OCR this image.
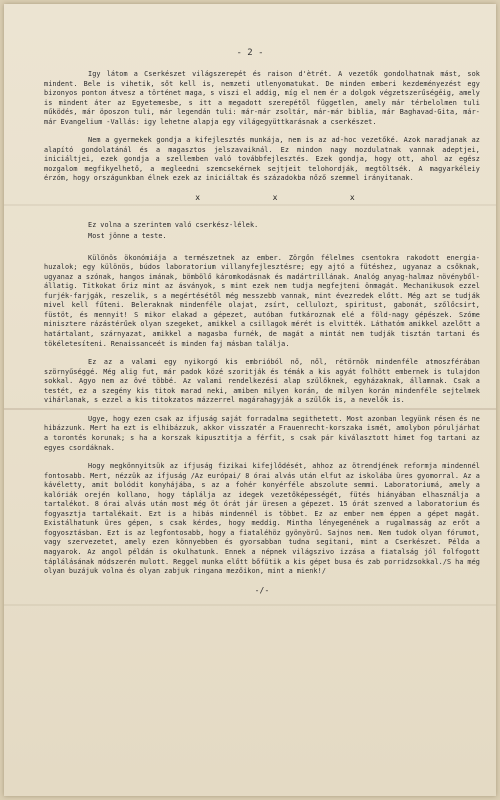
- 2 -

Igy látom a Cserkészet világszerepét és raison d'ètrét. A vezetők gondolhatnak mást, sok mindent. Bele is vihetik, sőt kell is, nemzeti utlenyomatukat. De minden emberi kezdeményezést egy bizonyos ponton átvesz a történet maga, s viszi el addig, míg el nem ér a dolgok végzetszerűségéig, amely is mindent áter az Egyetemesbe, s itt a megadott szerepétől független, amely már térbelolmen tuli működés, már öposzon tuli, már legendán tuli: már-már zsoltár, már-már biblia, már Baghavad-Gita, már-már Evangelium -Vallás: igy lehetne alapja egy világegyüttkarásnak a cserkészet.

Nem a gyermekek gondja a kifejlesztés munkája, nem is az ad-hoc vezetőké. Azok maradjanak az alapító gondolatánál és a magasztos jelszavaiknál. Ez mindon nagy mozdulatnak vannak adeptjei, iniciáltjei, ezek gondja a szellemben való továbbfejlesztés. Ezek gondja, hogy ott, ahol az egész mozgalom megfikyelhető, a megleedni szemcsekérnek sejtjeit telohordják, megtöltsék. A magyarkéleiy érzóm, hogy országunkban élnek ezek az iniciáltak és századokba nőző szemmel irányitanak.

x x x

Ez volna a szerintem való cserkész-lélek.

Most jönne a teste.

Különös ökonómiája a természetnek az ember. Zörgőn félelmes csentokra rakodott energia-huzalok; egy különös, búdos laboratorium villanyfejlesztésre; egy ajtó a fütéshez, ugyanaz a csőknak, ugyanaz a szónak, hangos imának, bömbölő káromkodásnak és madártrillának. Analóg anyag-halmaz növényből-állatig. Titkokat őriz mint az ásványok, s mint ezek nem tudja megfejteni önmagát. Mechanikusok ezzel furjék-farjgák, reszelik, s a megértésétől még messzebb vannak, mint évezredek előtt. Még azt se tudják mivel kell fűteni. Beleraknak mindenféle olajat, zsírt, cellulozt, spiritust, gabonát, szőlőcsirt, füstöt, és mennyit! S mikor elakad a gépezet, autóban futkároznak elé a föld-nagy gépészek. Szóme minisztere rázástérűek olyan szegeket, amikkel a csillagok mérét is elvitték. Láthatóm amikkel azelőtt a határtalant, szárnyazat, amikkel a magasba furnék, de magát a mintát nem tudják tisztán tartani és tökéletesíteni. Renaissanceét is minden faj másban találja.

Ez az a valami egy nyikorgó kis embrióból nő, nől, rétörnök mindenféle atmoszférában szörnyűséggé. Még alig fut, már padok közé szoritják és témák a kis agyát folhött embernek is tulajdon sokkal. Agyo nem az övé többé. Az valami rendelkezési alap szülőknek, egyházaknak, államnak. Csak a testét, ez a szegény kis titok marad neki, amiben milyen korán, de milyen korán mindenféle sejtelmek vihárlanak, s ezzel a kis titokzatos mázzerrel magárahagyják a szülők is, a nevelők is.

Ugye, hogy ezen csak az ifjuság saját forradalma segithetett. Most azonban legyünk résen és ne hibázzunk. Mert ha ezt is elhibázzuk, akkor visszatér a Frauenrecht-korszaka ismét, amolybon póruljárhat a torontés korunak; s ha a korszak kipusztitja a férfit, s csak pár kiválasztott himet fog tartani az egyes csordáknak.

Hogy megkönnyitsük az ifjuság fizikai kifejlődését, ahhoz az ötrendjének reformja mindennél fontosabb. Mert, nézzük az ifjuság /Az európai/ 8 órai alvás után elfut az iskolába üres gyomorral. Az a kávéletty, amit bolódit konyhájába, s az a fohér konyérféle abszolute semmi. Laboratoriumá, amely a kalóriák orején kollano, hogy táplálja az idegek vezetőképességét, fütés hiányában elhasználja a tartalékot. 8 órai alvás után most még öt órát jár üresen a gépezet. 15 órát szenved a laboratorium és fogyasztja tartalékait. Ezt is a hibás mindennél is többet. Ez az ember nem éppen a gépet magát. Existálhatunk üres gépen, s csak kérdes, hogy meddig. Mintha lényegenének a rugalmasság az erőt a fogyosztásban. Ezt is az legfontosabb, hogy a fiataléhöz gyönyörű. Sajnos nem. Nem tudok olyan fórumot, vagy szervezetet, amely ezen könnyebben és gyorsabban tudna segitani, mint a Cserkészet. Példa a magyarok. Az angol példán is okulhatunk. Ennek a népnek világszivo izzása a fiatalság jól folfogott táplálásának módszerén mulott. Reggel munka előtt bőfütik a kis gépet busa és zab porridzsokkal./S ha még olyan buzájuk volna és olyan zabjuk ringana mezőikon, mint a mienk!/

-/-
